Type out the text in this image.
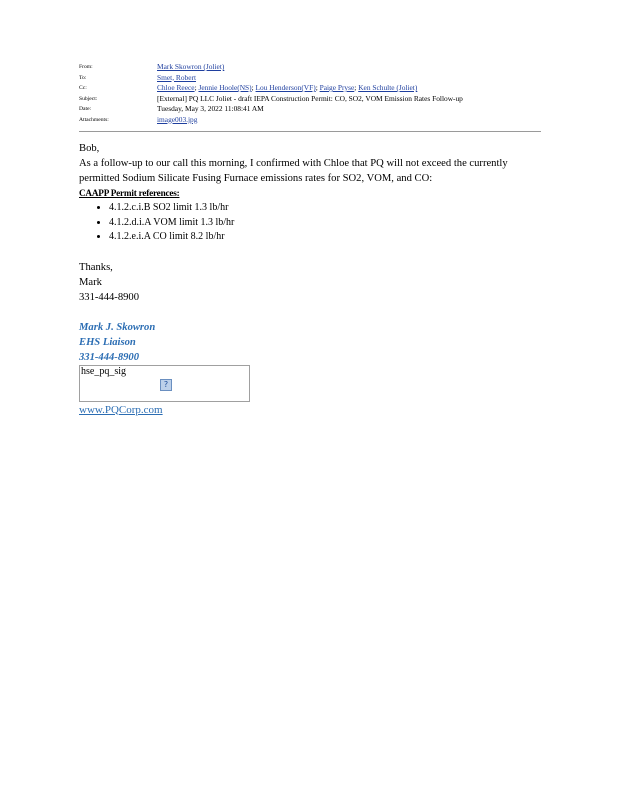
From:	Mark Skowron (Joliet)
To:	Smet, Robert
Cc:	Chloe Reece; Jennie Hoole(NS); Lou Henderson(VF); Paige Pryse; Ken Schulte (Joliet)
Subject:	[External] PQ LLC Joliet - draft IEPA Construction Permit: CO, SO2, VOM Emission Rates Follow-up
Date:	Tuesday, May 3, 2022 11:08:41 AM
Attachments:	image003.jpg

Bob,

As a follow-up to our call this morning, I confirmed with Chloe that PQ will not exceed the currently permitted Sodium Silicate Fusing Furnace emissions rates for SO2, VOM, and CO:

CAAPP Permit references:

• 4.1.2.c.i.B SO2 limit 1.3 lb/hr
• 4.1.2.d.i.A VOM limit 1.3 lb/hr
• 4.1.2.e.i.A CO limit 8.2 lb/hr

Thanks,

Mark

331-444-8900

Mark J. Skowron

EHS Liaison

331-444-8900

hse_pq_sig
?
www.PQCorp.com
